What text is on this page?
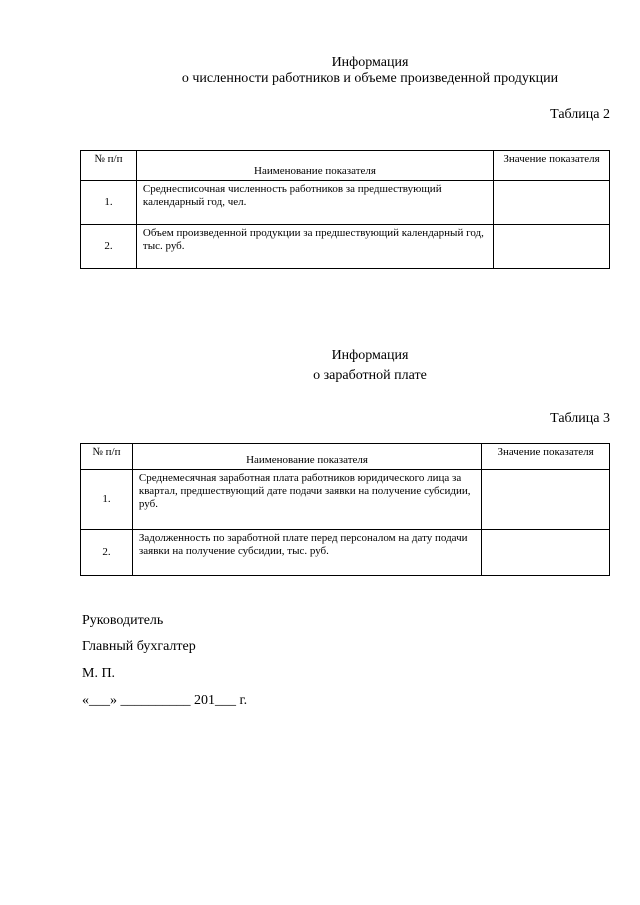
Информация
о численности работников и объеме произведенной продукции
Таблица 2
№ п/п	Наименование показателя	Значение показателя
1.	Среднесписочная численность работников за предшествующий календарный год, чел.	
2.	Объем произведенной продукции за предшествующий календарный год, тыс. руб.	
Информация
о заработной плате
Таблица 3
№ п/п	Наименование показателя	Значение показателя
1.	Среднемесячная заработная плата работников юридического лица за квартал, предшествующий дате подачи заявки на получение субсидии, руб.	
2.	Задолженность по заработной плате перед персоналом на дату подачи заявки на получение субсидии, тыс. руб.	
Руководитель
Главный бухгалтер
М. П.
«___» __________ 201___ г.
